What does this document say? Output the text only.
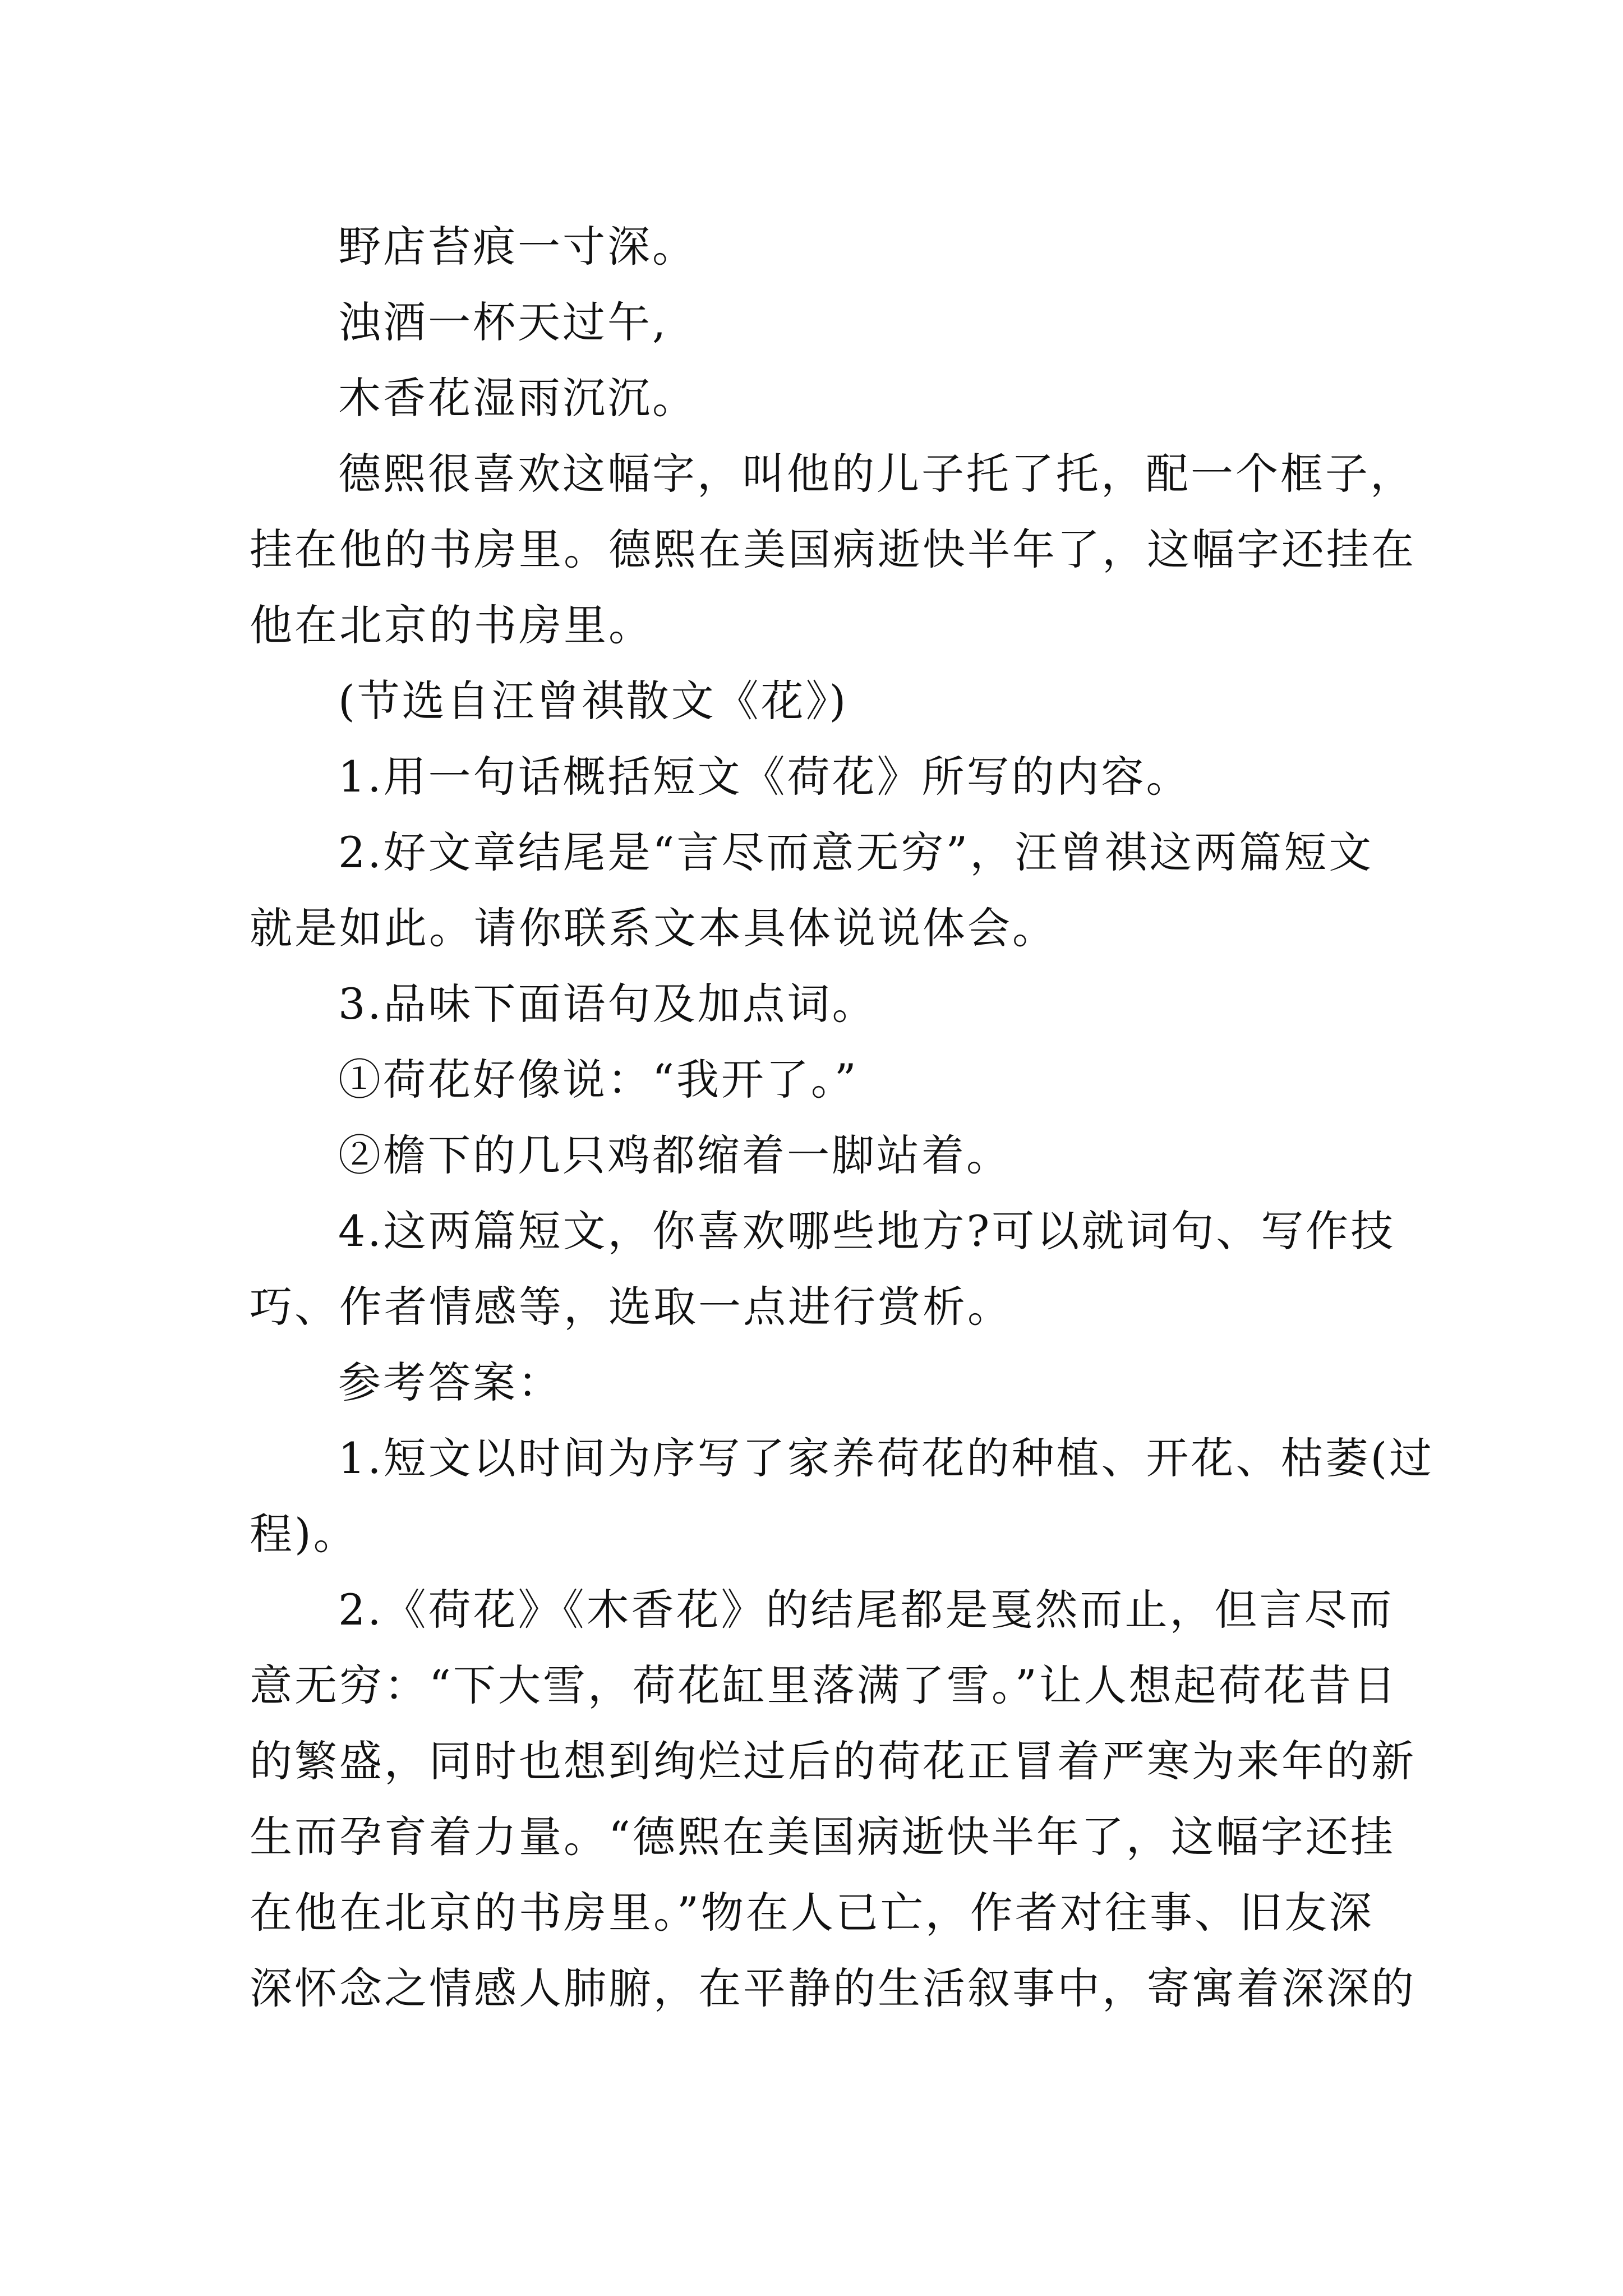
野店苔痕一寸深。

浊酒一杯天过午,

木香花湿雨沉沉。

德熙很喜欢这幅字，叫他的儿子托了托，配一个框子，

挂在他的书房里。德熙在美国病逝快半年了，这幅字还挂在

他在北京的书房里。

(节选自汪曾祺散文《花》)

1.用一句话概括短文《荷花》所写的内容。

2.好文章结尾是“言尽而意无穷”，汪曾祺这两篇短文

就是如此。请你联系文本具体说说体会。

3.品味下面语句及加点词。

①荷花好像说：“我开了。”

②檐下的几只鸡都缩着一脚站着。

4.这两篇短文，你喜欢哪些地方?可以就词句、写作技

巧、作者情感等，选取一点进行赏析。

参考答案：

1.短文以时间为序写了家养荷花的种植、开花、枯萎(过

程)。

2.《荷花》《木香花》的结尾都是戛然而止，但言尽而

意无穷：“下大雪，荷花缸里落满了雪。”让人想起荷花昔日

的繁盛，同时也想到绚烂过后的荷花正冒着严寒为来年的新

生而孕育着力量。“德熙在美国病逝快半年了，这幅字还挂

在他在北京的书房里。”物在人已亡，作者对往事、旧友深

深怀念之情感人肺腑，在平静的生活叙事中，寄寓着深深的
